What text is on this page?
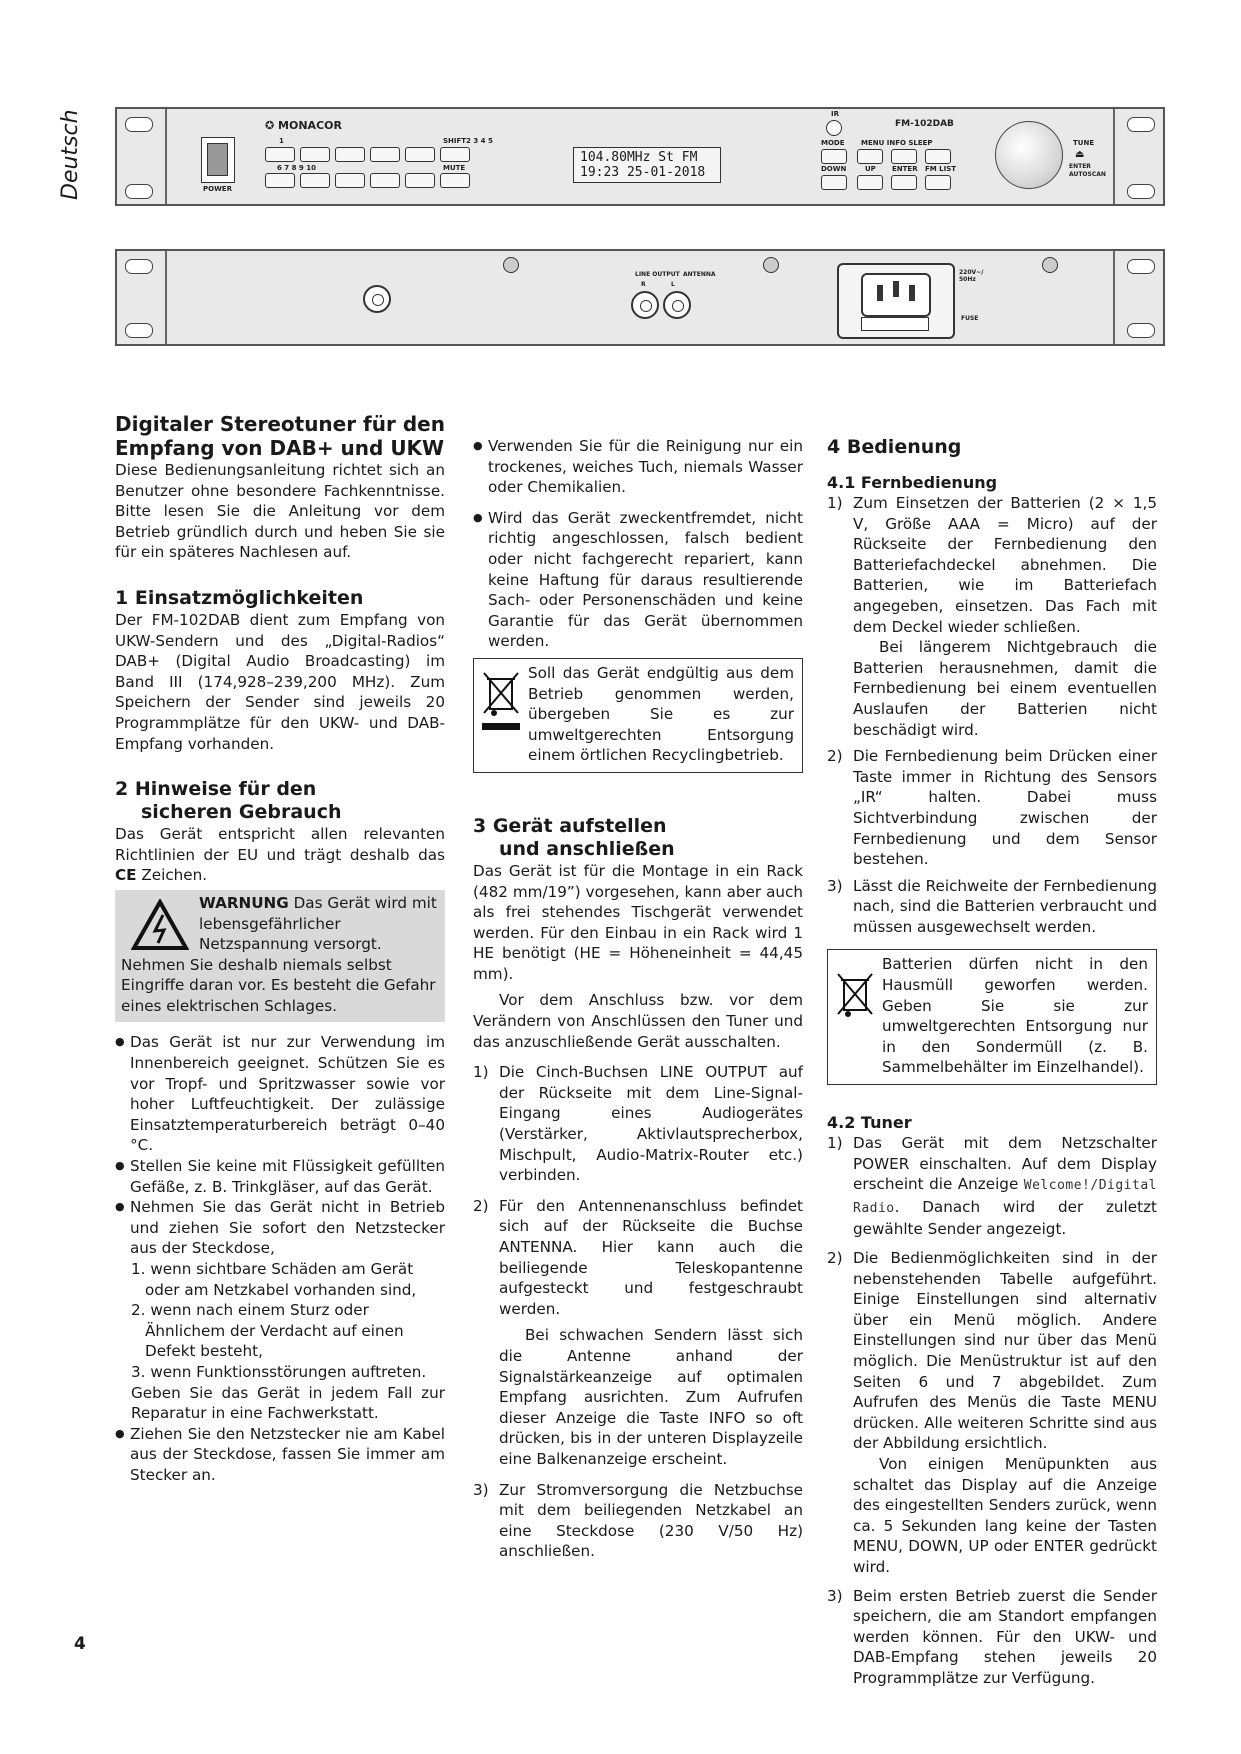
Deutsch	POWER
✪ MONACOR
1	SHIFT2 3 4 5
6 7 8 9 10	MUTE
104.80MHz St FM
19:23 25-01-2018
IR
FM-102DAB
MODE MENU INFO SLEEP
DOWN	UP ENTER FM LIST
TUNE
⏏
ENTER AUTOSCAN
LINE OUTPUT ANTENNA
R	L
220V~/ 50Hz
FUSE

Digitaler Stereotuner für den
Empfang von DAB+ und UKW

Diese Bedienungsanleitung richtet sich an Benutzer ohne besondere Fachkenntnisse. Bitte lesen Sie die Anleitung vor dem Betrieb gründlich durch und heben Sie sie für ein späteres Nachlesen auf.

1 Einsatzmöglichkeiten

Der FM-102DAB dient zum Empfang von UKW-Sendern und des „Digital-Radios“ DAB+ (Digital Audio Broadcasting) im Band III (174,928–239,200 MHz). Zum Speichern der Sender sind jeweils 20 Programmplätze für den UKW- und DAB-Empfang vorhanden.

2 Hinweise für den
sicheren Gebrauch

Das Gerät entspricht allen relevanten Richtlinien der EU und trägt deshalb das CE Zeichen.

WARNUNG Das Gerät wird mit lebensgefährlicher Netzspannung versorgt. Nehmen Sie deshalb niemals selbst Eingriffe daran vor. Es besteht die Gefahr eines elektrischen Schlages.

● Das Gerät ist nur zur Verwendung im Innenbereich geeignet. Schützen Sie es vor Tropf- und Spritzwasser sowie vor hoher Luftfeuchtigkeit. Der zulässige Einsatztemperaturbereich beträgt 0–40 °C.

● Stellen Sie keine mit Flüssigkeit gefüllten Gefäße, z. B. Trinkgläser, auf das Gerät.

● Nehmen Sie das Gerät nicht in Betrieb und ziehen Sie sofort den Netzstecker aus der Steckdose,

1. wenn sichtbare Schäden am Gerät oder am Netzkabel vorhanden sind,

2. wenn nach einem Sturz oder Ähnlichem der Verdacht auf einen Defekt besteht,

3. wenn Funktionsstörungen auftreten.

Geben Sie das Gerät in jedem Fall zur Reparatur in eine Fachwerkstatt.

● Ziehen Sie den Netzstecker nie am Kabel aus der Steckdose, fassen Sie immer am Stecker an.

● Verwenden Sie für die Reinigung nur ein trockenes, weiches Tuch, niemals Wasser oder Chemikalien.

● Wird das Gerät zweckentfremdet, nicht richtig angeschlossen, falsch bedient oder nicht fachgerecht repariert, kann keine Haftung für daraus resultierende Sach- oder Personenschäden und keine Garantie für das Gerät übernommen werden.

Soll das Gerät endgültig aus dem Betrieb genommen werden, übergeben Sie es zur umweltgerechten Entsorgung einem örtlichen Recyclingbetrieb.

3 Gerät aufstellen
und anschließen

Das Gerät ist für die Montage in ein Rack (482 mm/19”) vorgesehen, kann aber auch als frei stehendes Tischgerät verwendet werden. Für den Einbau in ein Rack wird 1 HE benötigt (HE = Höheneinheit = 44,45 mm).

Vor dem Anschluss bzw. vor dem Verändern von Anschlüssen den Tuner und das anzuschließende Gerät ausschalten.

1) Die Cinch-Buchsen LINE OUTPUT auf der Rückseite mit dem Line-Signal-Eingang eines Audiogerätes (Verstärker, Aktivlautsprecherbox, Mischpult, Audio-Matrix-Router etc.) verbinden.

2) Für den Antennenanschluss befindet sich auf der Rückseite die Buchse ANTENNA. Hier kann auch die beiliegende Teleskopantenne aufgesteckt und festgeschraubt werden.

Bei schwachen Sendern lässt sich die Antenne anhand der Signalstärkeanzeige auf optimalen Empfang ausrichten. Zum Aufrufen dieser Anzeige die Taste INFO so oft drücken, bis in der unteren Displayzeile eine Balkenanzeige erscheint.

3) Zur Stromversorgung die Netzbuchse mit dem beiliegenden Netzkabel an eine Steckdose (230 V/50 Hz) anschließen.

4 Bedienung

4.1 Fernbedienung

1) Zum Einsetzen der Batterien (2 × 1,5 V, Größe AAA = Micro) auf der Rückseite der Fernbedienung den Batteriefachdeckel abnehmen. Die Batterien, wie im Batteriefach angegeben, einsetzen. Das Fach mit dem Deckel wieder schließen.

Bei längerem Nichtgebrauch die Batterien herausnehmen, damit die Fernbedienung bei einem eventuellen Auslaufen der Batterien nicht beschädigt wird.

2) Die Fernbedienung beim Drücken einer Taste immer in Richtung des Sensors „IR“ halten. Dabei muss Sichtverbindung zwischen der Fernbedienung und dem Sensor bestehen.

3) Lässt die Reichweite der Fernbedienung nach, sind die Batterien verbraucht und müssen ausgewechselt werden.

Batterien dürfen nicht in den Hausmüll geworfen werden. Geben Sie sie zur umweltgerechten Entsorgung nur in den Sondermüll (z. B. Sammelbehälter im Einzelhandel).

4.2 Tuner

1) Das Gerät mit dem Netzschalter POWER einschalten. Auf dem Display erscheint die Anzeige Welcome!/Digital Radio. Danach wird der zuletzt gewählte Sender angezeigt.

2) Die Bedienmöglichkeiten sind in der nebenstehenden Tabelle aufgeführt. Einige Einstellungen sind alternativ über ein Menü möglich. Andere Einstellungen sind nur über das Menü möglich. Die Menüstruktur ist auf den Seiten 6 und 7 abgebildet. Zum Aufrufen des Menüs die Taste MENU drücken. Alle weiteren Schritte sind aus der Abbildung ersichtlich.

Von einigen Menüpunkten aus schaltet das Display auf die Anzeige des eingestellten Senders zurück, wenn ca. 5 Sekunden lang keine der Tasten MENU, DOWN, UP oder ENTER gedrückt wird.

3) Beim ersten Betrieb zuerst die Sender speichern, die am Standort empfangen werden können. Für den UKW- und DAB-Empfang stehen jeweils 20 Programmplätze zur Verfügung.

4
